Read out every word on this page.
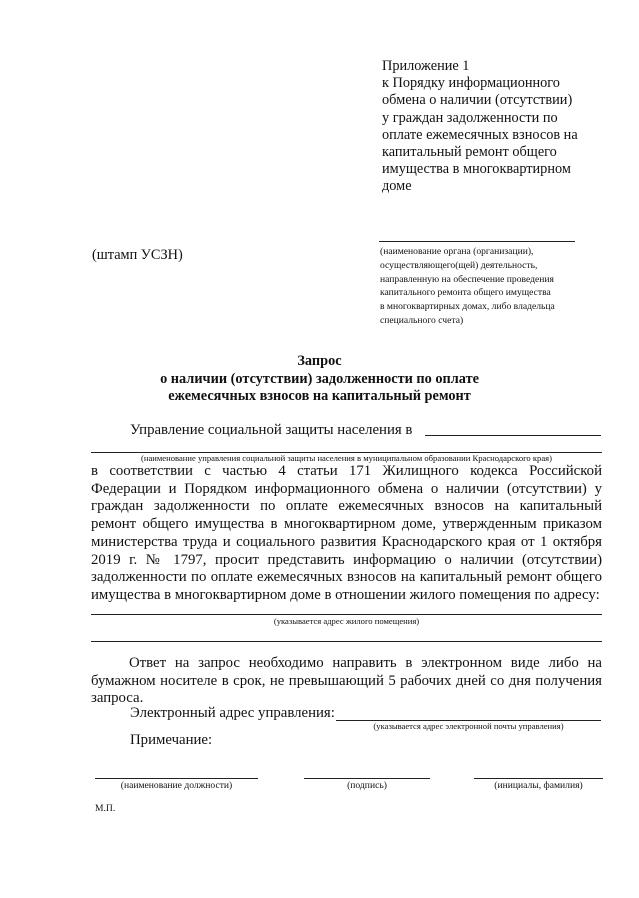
Приложение 1
к Порядку информационного
обмена о наличии (отсутствии)
у граждан задолженности по
оплате ежемесячных взносов на
капитальный ремонт общего
имущества в многоквартирном
доме
(штамп УСЗН)	(наименование органа (организации),
осуществляющего(щей) деятельность,
направленную на обеспечение проведения
капитального ремонта общего имущества
в многоквартирных домах, либо владельца
специального счета)
Запрос
о наличии (отсутствии) задолженности по оплате
ежемесячных взносов на капитальный ремонт
Управление социальной защиты населения в
(наименование управления социальной защиты населения в муниципальном образовании Краснодарского края)
в соответствии с частью 4 статьи 171 Жилищного кодекса Российской Федерации и Порядком информационного обмена о наличии (отсутствии) у граждан задолженности по оплате ежемесячных взносов на капитальный ремонт общего имущества в многоквартирном доме, утвержденным приказом министерства труда и социального развития Краснодарского края от 1 октября 2019 г. № 1797, просит представить информацию о наличии (отсутствии) задолженности по оплате ежемесячных взносов на капитальный ремонт общего имущества в многоквартирном доме в отношении жилого помещения по адресу:
(указывается адрес жилого помещения)
Ответ на запрос необходимо направить в электронном виде либо на бумажном носителе в срок, не превышающий 5 рабочих дней со дня получения запроса.
Электронный адрес управления:
(указывается адрес электронной почты управления)
Примечание:
(наименование должности)	(подпись)	(инициалы, фамилия)
М.П.
